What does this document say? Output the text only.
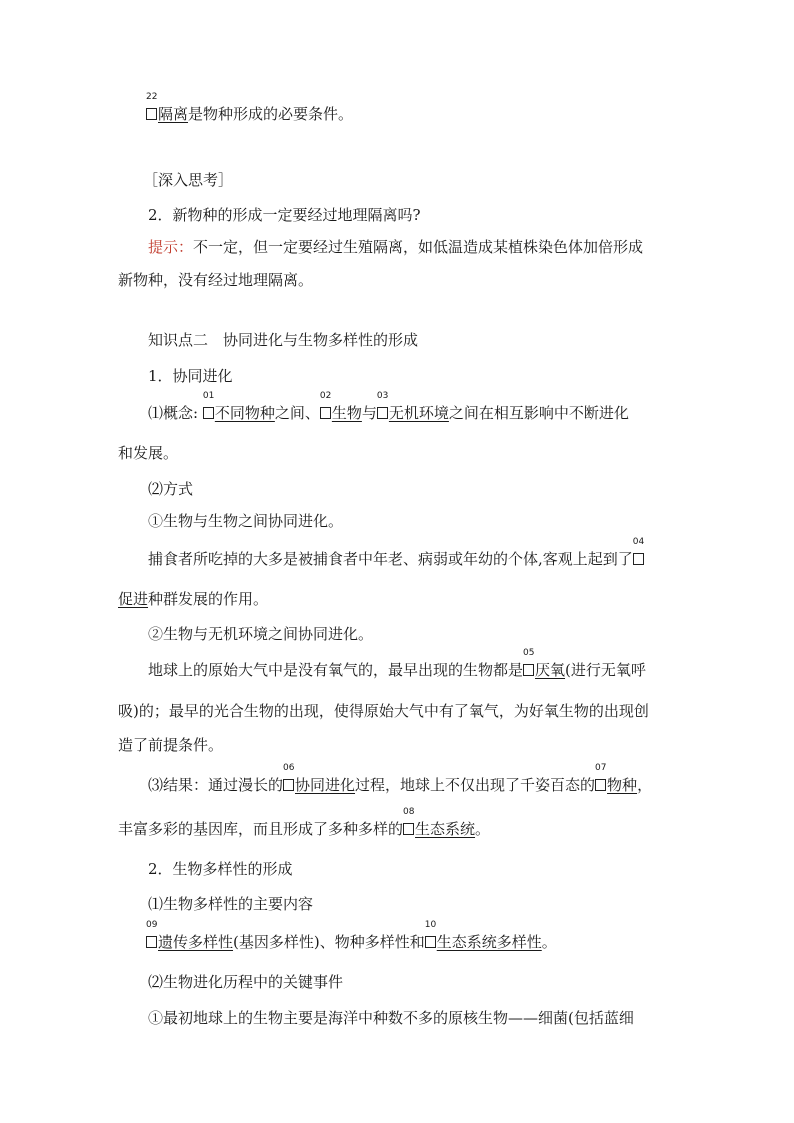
22
隔离是物种形成的必要条件。
［深入思考］
2．新物种的形成一定要经过地理隔离吗?
提示：不一定，但一定要经过生殖隔离，如低温造成某植株染色体加倍形成
新物种，没有经过地理隔离。
知识点二　协同进化与生物多样性的形成
1．协同进化
⑴概念:
01
不同物种之间、
02
生物与
03
无机环境之间在相互影响中不断进化
和发展。
⑵方式
①生物与生物之间协同进化。
捕食者所吃掉的大多是被捕食者中年老、病弱或年幼的个体,客观上起到了
04
促进种群发展的作用。
②生物与无机环境之间协同进化。
地球上的原始大气中是没有氧气的，最早出现的生物都是
05
厌氧(进行无氧呼
吸)的；最早的光合生物的出现，使得原始大气中有了氧气，为好氧生物的出现创
造了前提条件。
⑶结果：通过漫长的
06
协同进化过程，地球上不仅出现了千姿百态的
07
物种，
丰富多彩的基因库，而且形成了多种多样的
08
生态系统。
2．生物多样性的形成
⑴生物多样性的主要内容
09
遗传多样性(基因多样性)、物种多样性和
10
生态系统多样性。
⑵生物进化历程中的关键事件
①最初地球上的生物主要是海洋中种数不多的原核生物——细菌(包括蓝细
